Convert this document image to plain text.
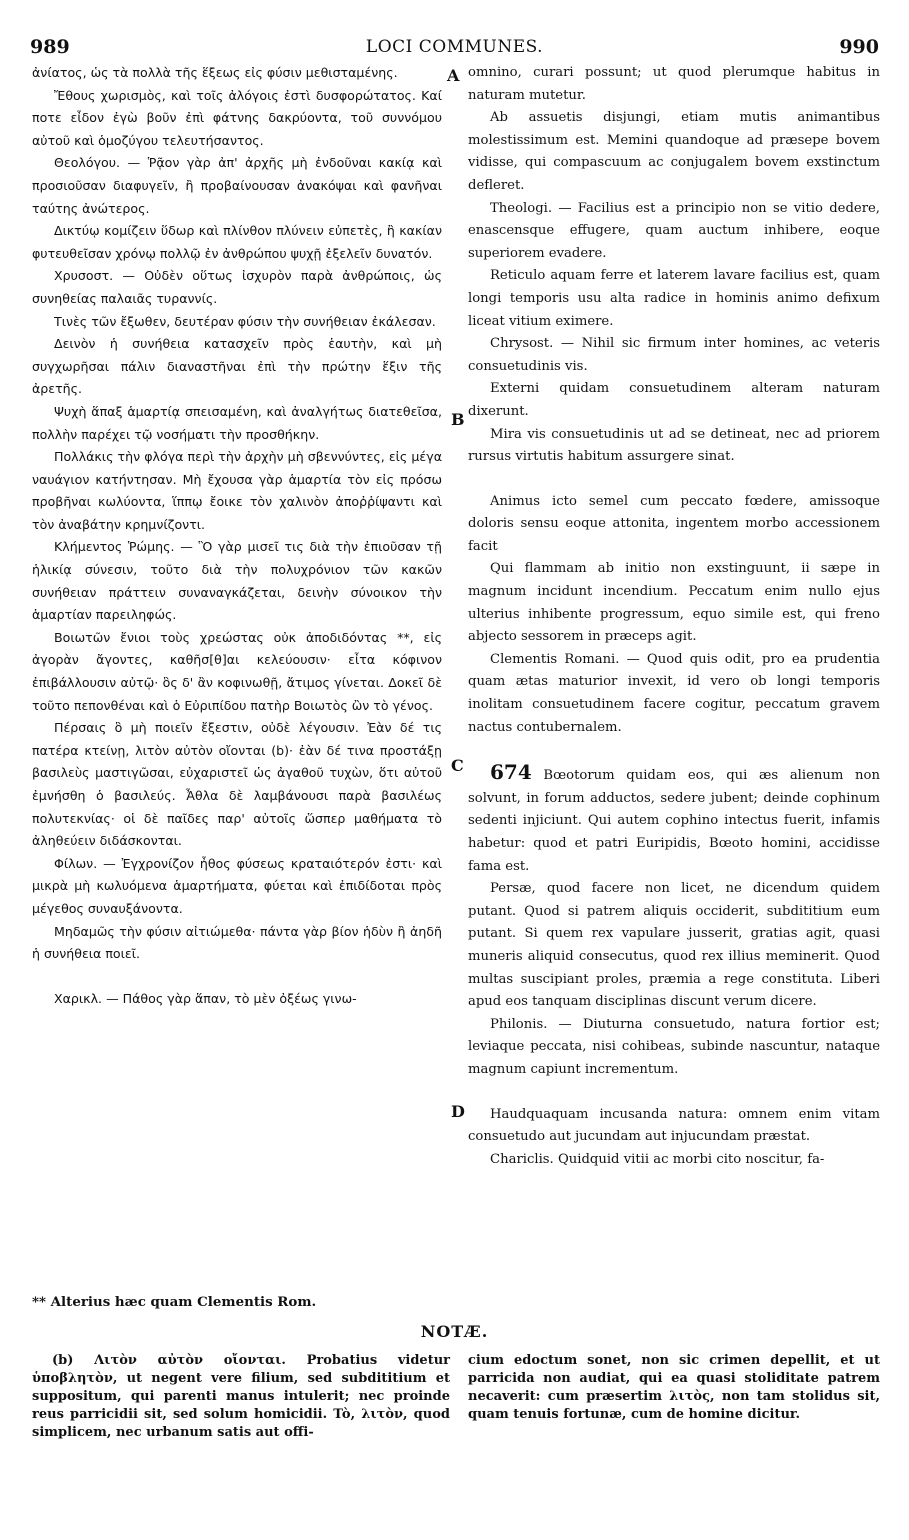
989	LOCI COMMUNES.	990
A
B
C
D

ἀνίατος, ὡς τὰ πολλὰ τῆς ἕξεως εἰς φύσιν μεθισταμένης.

Ἔθους χωρισμὸς, καὶ τοῖς ἀλόγοις ἐστὶ δυσφορώτατος. Καί ποτε εἶδον ἐγὼ βοῦν ἐπὶ φάτνης δακρύοντα, τοῦ συννόμου αὐτοῦ καὶ ὁμοζύγου τελευτήσαντος.

Θεολόγου. — Ῥᾷον γὰρ ἀπ' ἀρχῆς μὴ ἐνδοῦναι κακίᾳ καὶ προσιοῦσαν διαφυγεῖν, ἢ προβαίνουσαν ἀνακόψαι καὶ φανῆναι ταύτης ἀνώτερος.

Δικτύῳ κομίζειν ὕδωρ καὶ πλίνθον πλύνειν εὐπετὲς, ἢ κακίαν φυτευθεῖσαν χρόνῳ πολλῷ ἐν ἀνθρώπου ψυχῇ ἐξελεῖν δυνατόν.

Χρυσοστ. — Οὐδὲν οὕτως ἰσχυρὸν παρὰ ἀνθρώποις, ὡς συνηθείας παλαιᾶς τυραννίς.

Τινὲς τῶν ἔξωθεν, δευτέραν φύσιν τὴν συνήθειαν ἐκάλεσαν.

Δεινὸν ἡ συνήθεια κατασχεῖν πρὸς ἑαυτὴν, καὶ μὴ συγχωρῆσαι πάλιν διαναστῆναι ἐπὶ τὴν πρώτην ἕξιν τῆς ἀρετῆς.

Ψυχὴ ἅπαξ ἁμαρτίᾳ σπεισαμένη, καὶ ἀναλγήτως διατεθεῖσα, πολλὴν παρέχει τῷ νοσήματι τὴν προσθήκην.

Πολλάκις τὴν φλόγα περὶ τὴν ἀρχὴν μὴ σβεννύντες, εἰς μέγα ναυάγιον κατήντησαν. Μὴ ἔχουσα γὰρ ἁμαρτία τὸν εἰς πρόσω προβῆναι κωλύοντα, ἵππῳ ἔοικε τὸν χαλινὸν ἀποῤῥίψαντι καὶ τὸν ἀναβάτην κρημνίζοντι.

Κλήμεντος Ῥώμης. — Ὃ γὰρ μισεῖ τις διὰ τὴν ἐπιοῦσαν τῇ ἡλικίᾳ σύνεσιν, τοῦτο διὰ τὴν πολυχρόνιον τῶν κακῶν συνήθειαν πράττειν συναναγκάζεται, δεινὴν σύνοικον τὴν ἁμαρτίαν παρειληφώς.

Βοιωτῶν ἔνιοι τοὺς χρεώστας οὐκ ἀποδιδόντας **, εἰς ἀγορὰν ἄγοντες, καθῆσ[θ]αι κελεύουσιν· εἶτα κόφινον ἐπιβάλλουσιν αὐτῷ· ὃς δ' ἂν κοφινωθῇ, ἄτιμος γίνεται. Δοκεῖ δὲ τοῦτο πεπονθέναι καὶ ὁ Εὐριπίδου πατὴρ Βοιωτὸς ὢν τὸ γένος.

Πέρσαις ὃ μὴ ποιεῖν ἔξεστιν, οὐδὲ λέγουσιν. Ἐὰν δέ τις πατέρα κτείνῃ, λιτὸν αὐτὸν οἴονται (b)· ἐὰν δέ τινα προστάξῃ βασιλεὺς μαστιγῶσαι, εὐχαριστεῖ ὡς ἀγαθοῦ τυχὼν, ὅτι αὐτοῦ ἐμνήσθη ὁ βασιλεύς. Ἆθλα δὲ λαμβάνουσι παρὰ βασιλέως πολυτεκνίας· οἱ δὲ παῖδες παρ' αὐτοῖς ὥσπερ μαθήματα τὸ ἀληθεύειν διδάσκονται.

Φίλων. — Ἐγχρονίζον ἦθος φύσεως κραταιότερόν ἐστι· καὶ μικρὰ μὴ κωλυόμενα ἁμαρτήματα, φύεται καὶ ἐπιδίδοται πρὸς μέγεθος συναυξάνοντα.

Μηδαμῶς τὴν φύσιν αἰτιώμεθα· πάντα γὰρ βίον ἡδὺν ἢ ἀηδῆ ἡ συνήθεια ποιεῖ.

Χαρικλ. — Πάθος γὰρ ἅπαν, τὸ μὲν ὀξέως γινω-

omnino, curari possunt; ut quod plerumque habitus in naturam mutetur.

Ab assuetis disjungi, etiam mutis animantibus molestissimum est. Memini quandoque ad præsepe bovem vidisse, qui compascuum ac conjugalem bovem exstinctum defleret.

Theologi. — Facilius est a principio non se vitio dedere, enascensque effugere, quam auctum inhibere, eoque superiorem evadere.

Reticulo aquam ferre et laterem lavare facilius est, quam longi temporis usu alta radice in hominis animo defixum liceat vitium eximere.

Chrysost. — Nihil sic firmum inter homines, ac veteris consuetudinis vis.

Externi quidam consuetudinem alteram naturam dixerunt.

Mira vis consuetudinis ut ad se detineat, nec ad priorem rursus virtutis habitum assurgere sinat.

Animus icto semel cum peccato fœdere, amissoque doloris sensu eoque attonita, ingentem morbo accessionem facit

Qui flammam ab initio non exstinguunt, ii sæpe in magnum incidunt incendium. Peccatum enim nullo ejus ulterius inhibente progressum, equo simile est, qui freno abjecto sessorem in præceps agit.

Clementis Romani. — Quod quis odit, pro ea prudentia quam ætas maturior invexit, id vero ob longi temporis inolitam consuetudinem facere cogitur, peccatum gravem nactus contubernalem.

674 Bœotorum quidam eos, qui æs alienum non solvunt, in forum adductos, sedere jubent; deinde cophinum sedenti injiciunt. Qui autem cophino intectus fuerit, infamis habetur: quod et patri Euripidis, Bœoto homini, accidisse fama est.

Persæ, quod facere non licet, ne dicendum quidem putant. Quod si patrem aliquis occiderit, subdititium eum putant. Si quem rex vapulare jusserit, gratias agit, quasi muneris aliquid consecutus, quod rex illius meminerit. Quod multas suscipiant proles, præmia a rege constituta. Liberi apud eos tanquam disciplinas discunt verum dicere.

Philonis. — Diuturna consuetudo, natura fortior est; leviaque peccata, nisi cohibeas, subinde nascuntur, nataque magnum capiunt incrementum.

Haudquaquam incusanda natura: omnem enim vitam consuetudo aut jucundam aut injucundam præstat.

Chariclis. Quidquid vitii ac morbi cito noscitur, fa-

** Alterius hæc quam Clementis Rom.
NOTÆ.

(b) Λιτὸν αὐτὸν οἴονται. Probatius videtur ὑποβλητὸν, ut negent vere filium, sed subdititium et suppositum, qui parenti manus intulerit; nec proinde reus parricidii sit, sed solum homicidii. Tò, λιτὸν, quod simplicem, nec urbanum satis aut offi-

cium edoctum sonet, non sic crimen depellit, et ut parricida non audiat, qui ea quasi stoliditate patrem necaverit: cum præsertim λιτὸς, non tam stolidus sit, quam tenuis fortunæ, cum de homine dicitur.
